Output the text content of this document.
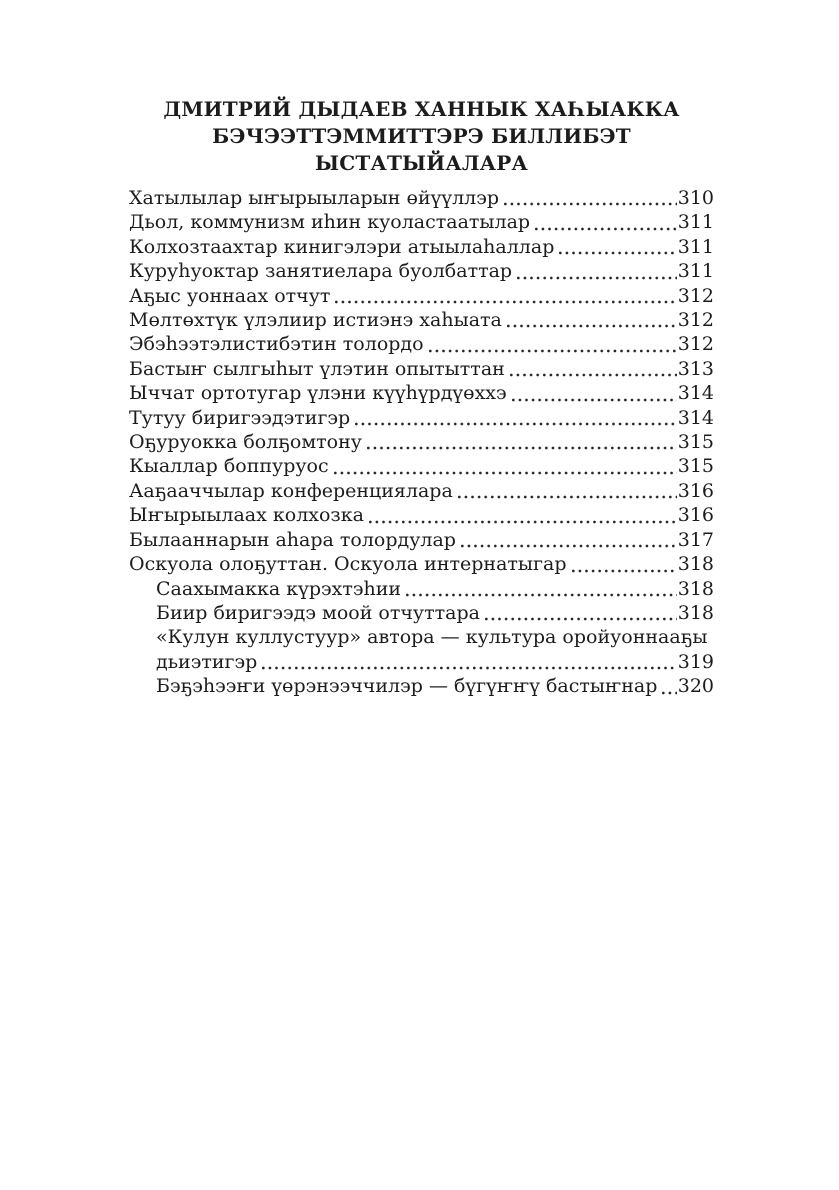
ДМИТРИЙ ДЫДАЕВ ХАННЫК ХАҺЫАККА
БЭЧЭЭТТЭММИТТЭРЭ БИЛЛИБЭТ ЫСТАТЫЙАЛАРА
Хатылылар ыҥырыыларын өйүүллэр	310
Дьол, коммунизм иһин куоластаатылар	311
Колхозтаахтар кинигэлэри атыылаһаллар	311
Куруһуоктар занятиелара буолбаттар	311
Аҕыс уоннаах отчут	312
Мөлтөхтүк үлэлиир истиэнэ хаһыата	312
Эбэһээтэлистибэтин толордо	312
Бастыҥ сылгыһыт үлэтин опытыттан	313
Ыччат ортотугар үлэни күүһүрдүөххэ	314
Тутуу биригээдэтигэр	314
Оҕуруокка болҕомтону	315
Кыаллар боппуруос	315
Ааҕааччылар конференциялара	316
Ыҥырыылаах колхозка	316
Былааннарын аһара толордулар	317
Оскуола олоҕуттан. Оскуола интернатыгар	318
Саахымакка күрэхтэһии	318
Биир биригээдэ моой отчуттара	318
«Кулун куллустуур» автора — культура оройуоннааҕы
дьиэтигэр	319
Бэҕэһээҥи үөрэнээччилэр — бүгүҥҥү бастыҥнар 320
